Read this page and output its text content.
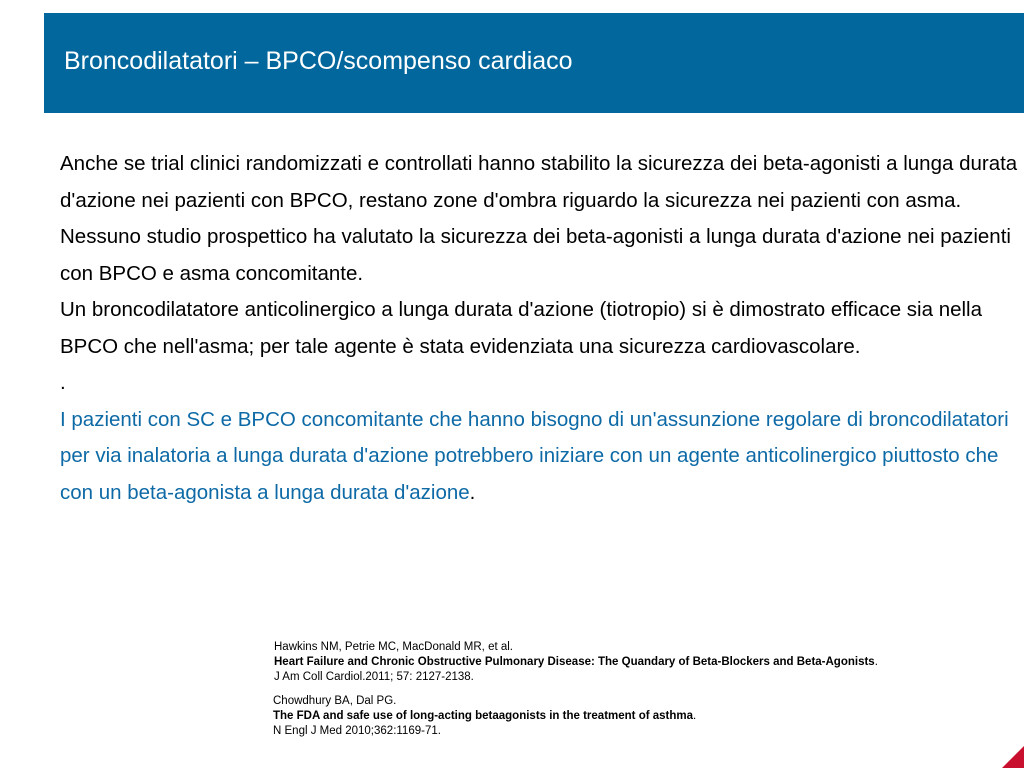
Broncodilatatori – BPCO/scompenso cardiaco

Anche se trial clinici randomizzati e controllati hanno stabilito la sicurezza dei beta-agonisti a lunga durata d'azione nei pazienti con BPCO, restano zone d'ombra riguardo la sicurezza nei pazienti con asma.

Nessuno studio prospettico ha valutato la sicurezza dei beta-agonisti a lunga durata d'azione nei pazienti con BPCO e asma concomitante.

Un broncodilatatore anticolinergico a lunga durata d'azione (tiotropio) si è dimostrato efficace sia nella BPCO che nell'asma; per tale agente è stata evidenziata una sicurezza cardiovascolare.

.

I pazienti con SC e BPCO concomitante che hanno bisogno di un'assunzione regolare di broncodilatatori per via inalatoria a lunga durata d'azione potrebbero iniziare con un agente anticolinergico piuttosto che con un beta-agonista a lunga durata d'azione.

Hawkins NM, Petrie MC, MacDonald MR, et al.
Heart Failure and Chronic Obstructive Pulmonary Disease: The Quandary of Beta-Blockers and Beta-Agonists.
J Am Coll Cardiol.2011; 57: 2127-2138.
Chowdhury BA, Dal PG.
The FDA and safe use of long-acting betaagonists in the treatment of asthma.
N Engl J Med 2010;362:1169-71.
